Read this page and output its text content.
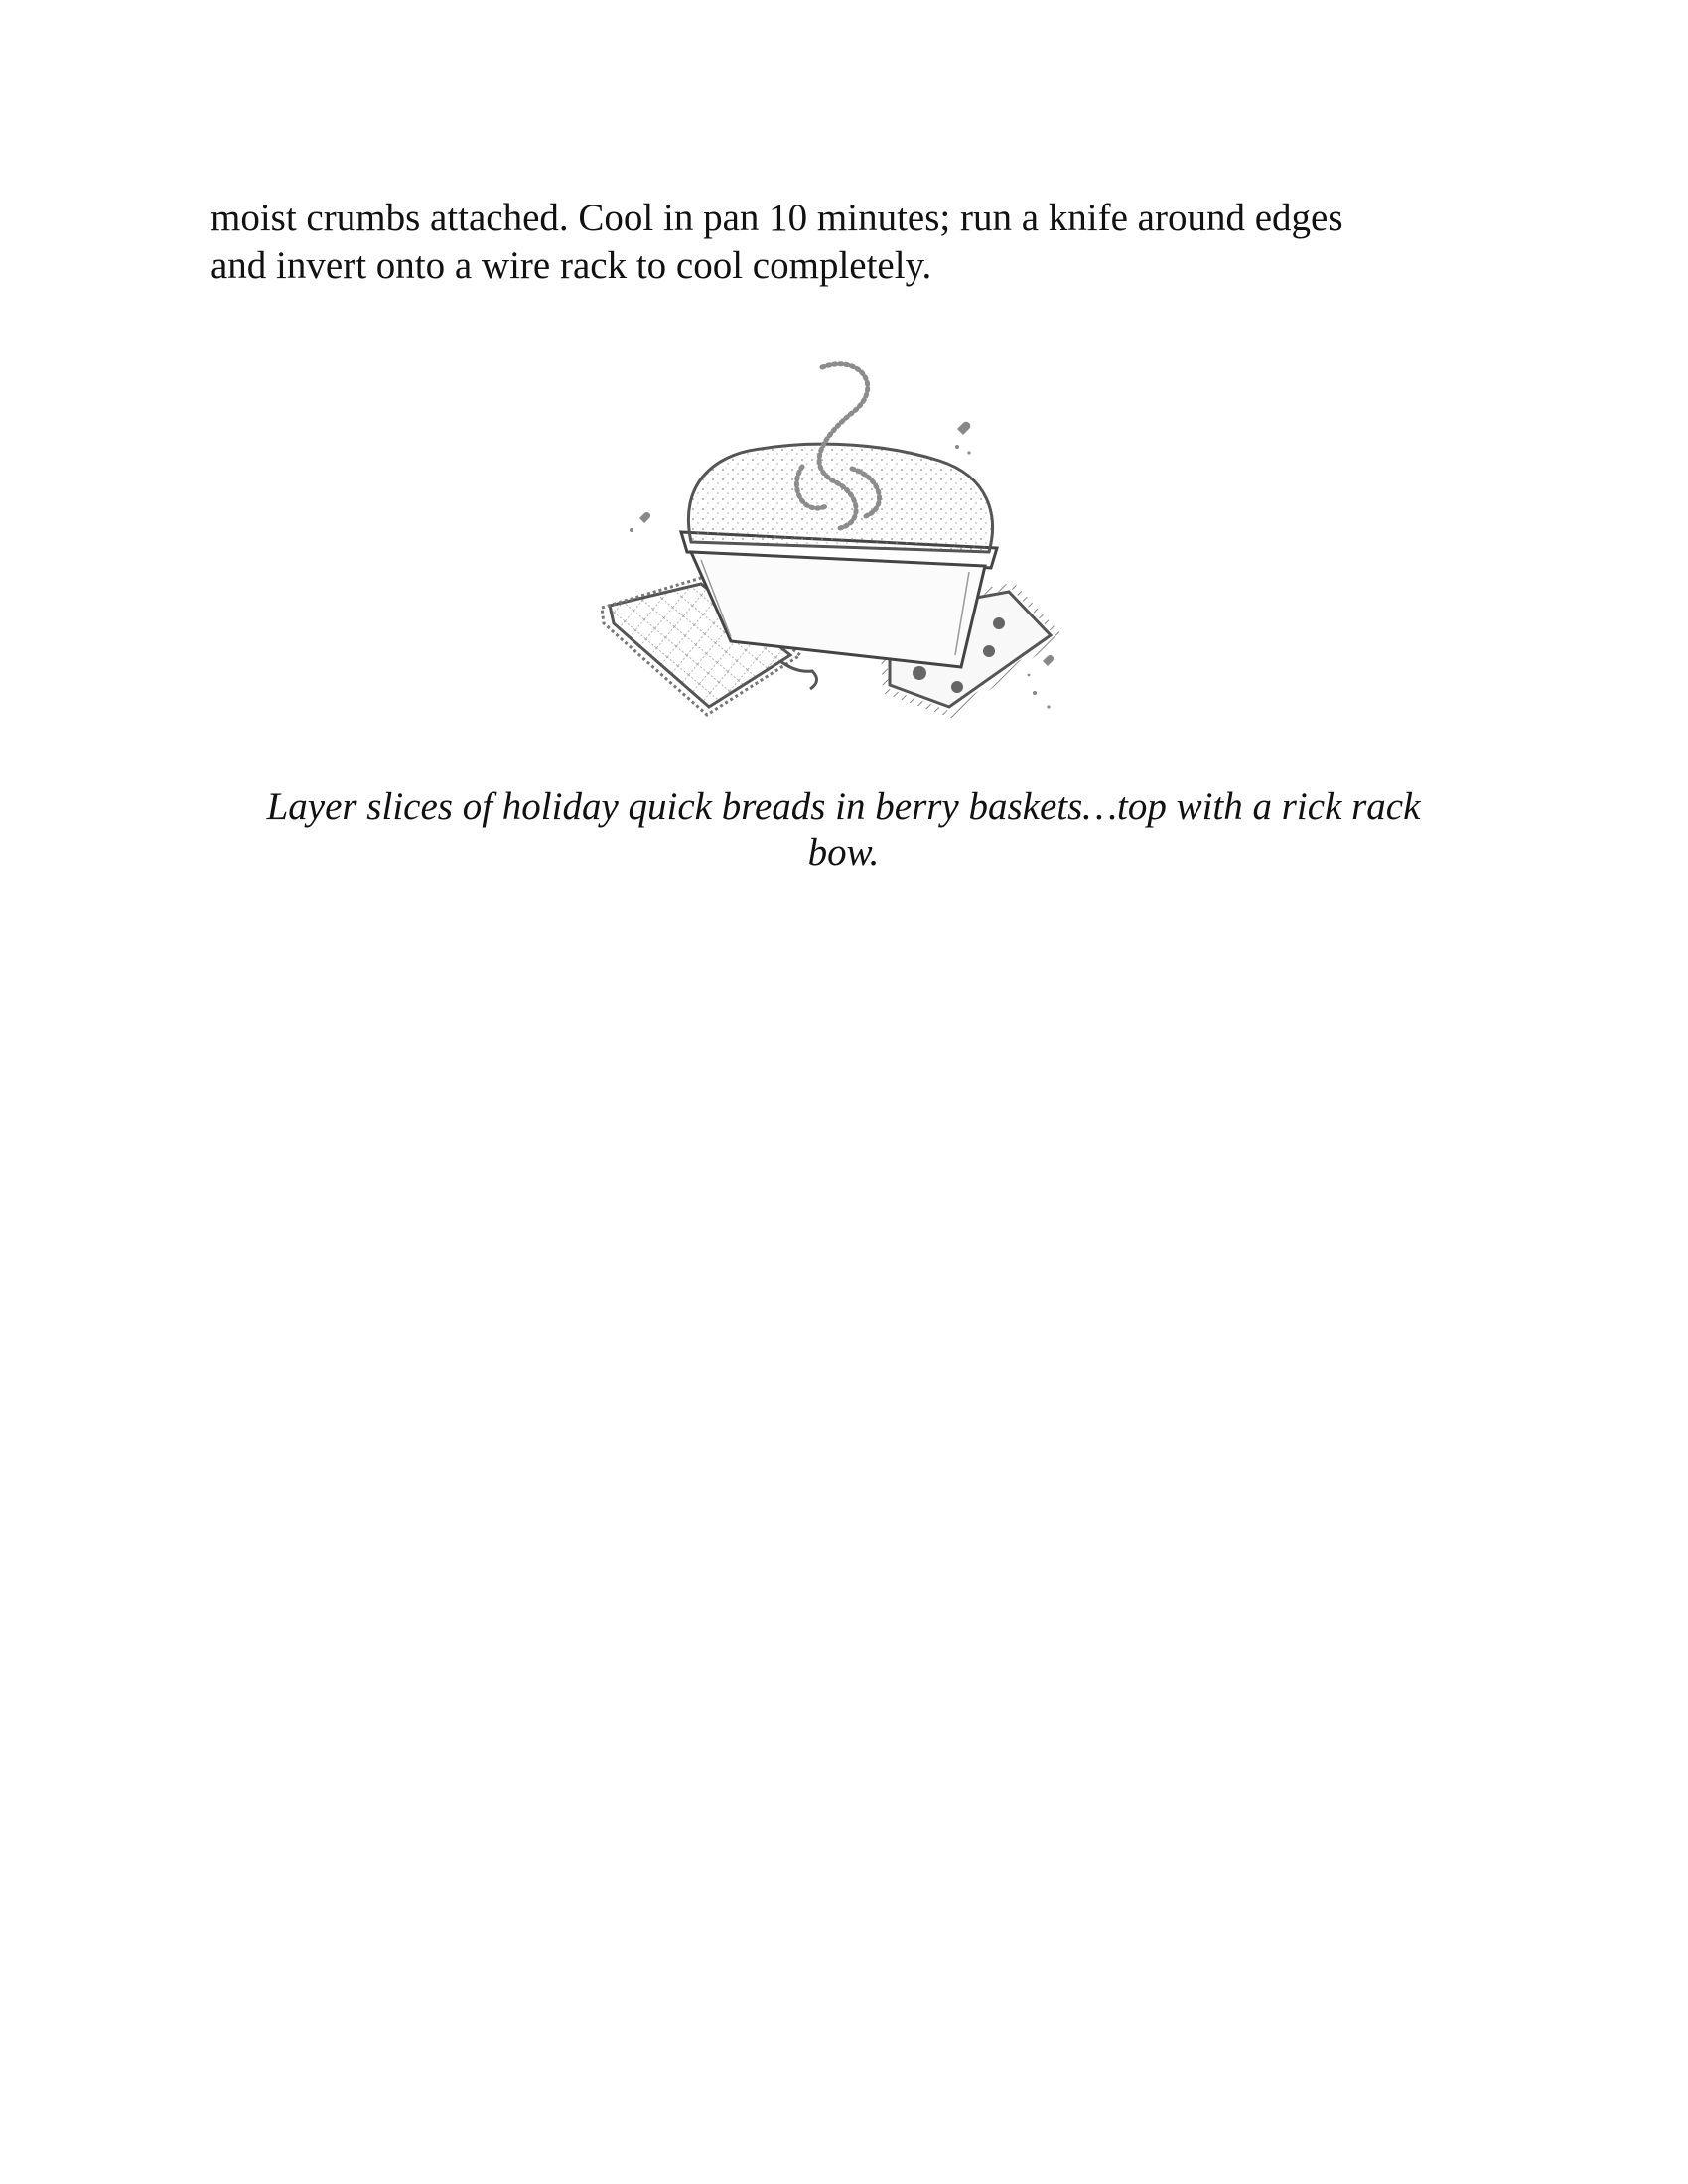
moist crumbs attached. Cool in pan 10 minutes; run a knife around edges
and invert onto a wire rack to cool completely.

Layer slices of holiday quick breads in berry baskets…top with a rick rack
bow.
